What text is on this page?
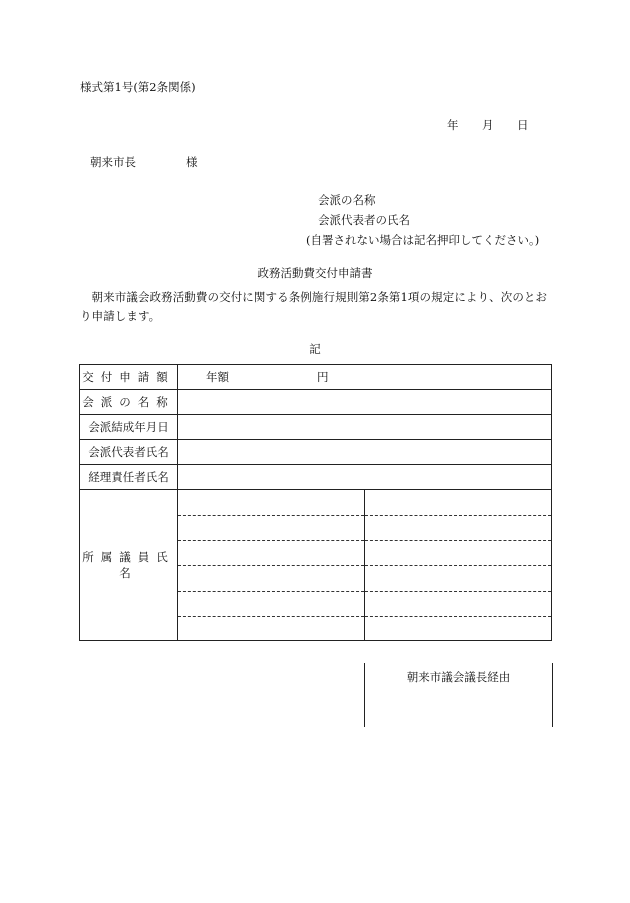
様式第1号(第2条関係)
年 月 日
朝来市長	様
会派の名称
会派代表者の氏名
(自署されない場合は記名押印してください。)
政務活動費交付申請書
朝来市議会政務活動費の交付に関する条例施行規則第2条第1項の規定により、次のとおり申請します。
記
交付申請額	年額 円
会派の名称	
会派結成年月日	
会派代表者氏名	
経理責任者氏名	
所属議員氏名	
朝来市議会議長経由
